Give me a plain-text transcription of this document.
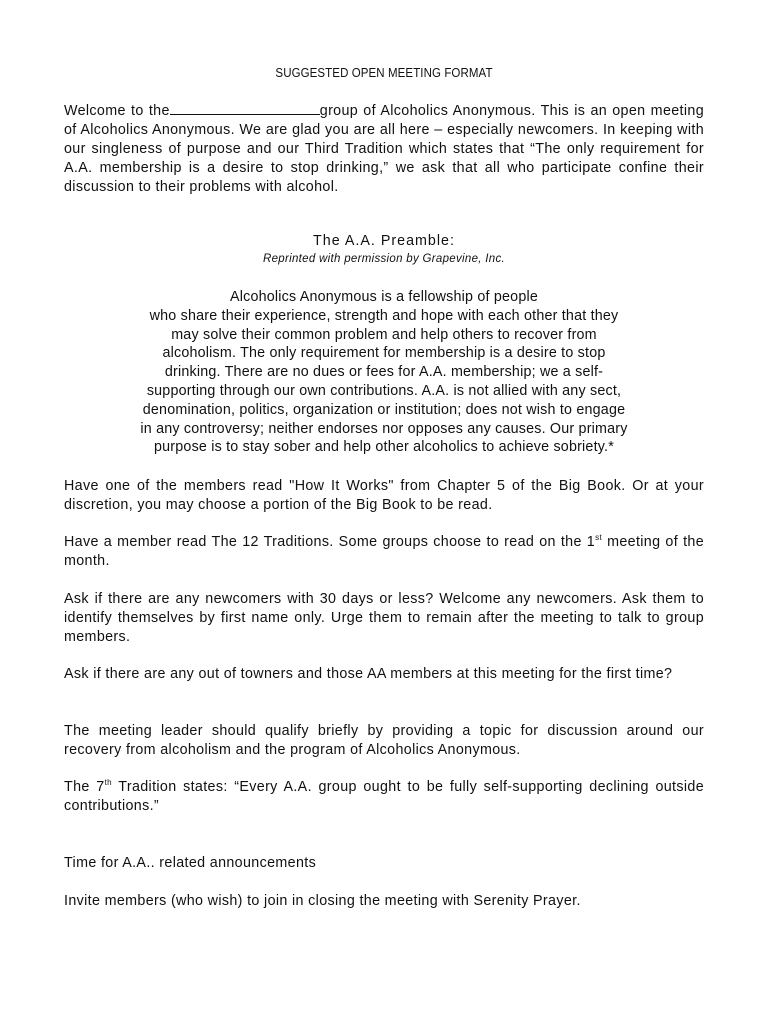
SUGGESTED OPEN MEETING FORMAT
Welcome to the	group of Alcoholics Anonymous. This is an open meeting of Alcoholics Anonymous. We are glad you are all here – especially newcomers. In keeping with our singleness of purpose and our Third Tradition which states that “The only requirement for A.A. membership is a desire to stop drinking,” we ask that all who participate confine their discussion to their problems with alcohol.
The A.A. Preamble:
Reprinted with permission by Grapevine, Inc.
Alcoholics Anonymous is a fellowship of people
who share their experience, strength and hope with each other that they
may solve their common problem and help others to recover from
alcoholism. The only requirement for membership is a desire to stop
drinking. There are no dues or fees for A.A. membership; we a self-
supporting through our own contributions. A.A. is not allied with any sect,
denomination, politics, organization or institution; does not wish to engage
in any controversy; neither endorses nor opposes any causes. Our primary
purpose is to stay sober and help other alcoholics to achieve sobriety.*
Have one of the members read "How It Works" from Chapter 5 of the Big Book. Or at your discretion, you may choose a portion of the Big Book to be read.
Have a member read The 12 Traditions. Some groups choose to read on the 1st meeting of the month.
Ask if there are any newcomers with 30 days or less? Welcome any newcomers. Ask them to identify themselves by first name only. Urge them to remain after the meeting to talk to group members.
Ask if there are any out of towners and those AA members at this meeting for the first time?
The meeting leader should qualify briefly by providing a topic for discussion around our recovery from alcoholism and the program of Alcoholics Anonymous.
The 7th Tradition states: “Every A.A. group ought to be fully self-supporting declining outside contributions.”
Time for A.A.. related announcements
Invite members (who wish) to join in closing the meeting with Serenity Prayer.
